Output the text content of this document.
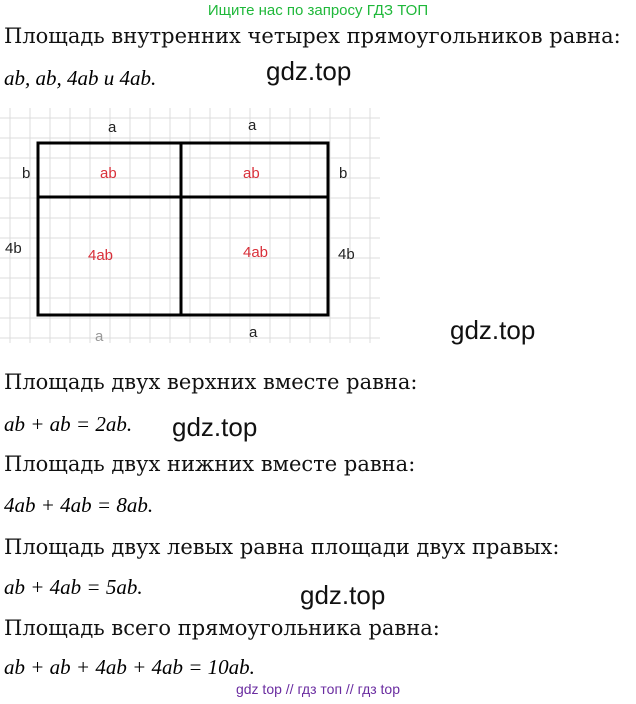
Ищите нас по запросу ГДЗ ТОП
Площадь внутренних четырех прямоугольников равна:
ab, ab, 4ab и 4ab.	gdz.top
a	a
a	a
b	b
4b	4b
ab	ab
4ab	4ab
gdz.top
Площадь двух верхних вместе равна:
ab + ab = 2ab. gdz.top
Площадь двух нижних вместе равна:
4ab + 4ab = 8ab.
Площадь двух левых равна площади двух правых:
ab + 4ab = 5ab.	gdz.top
Площадь всего прямоугольника равна:
ab + ab + 4ab + 4ab = 10ab.
gdz top // гдз топ // гдз top
